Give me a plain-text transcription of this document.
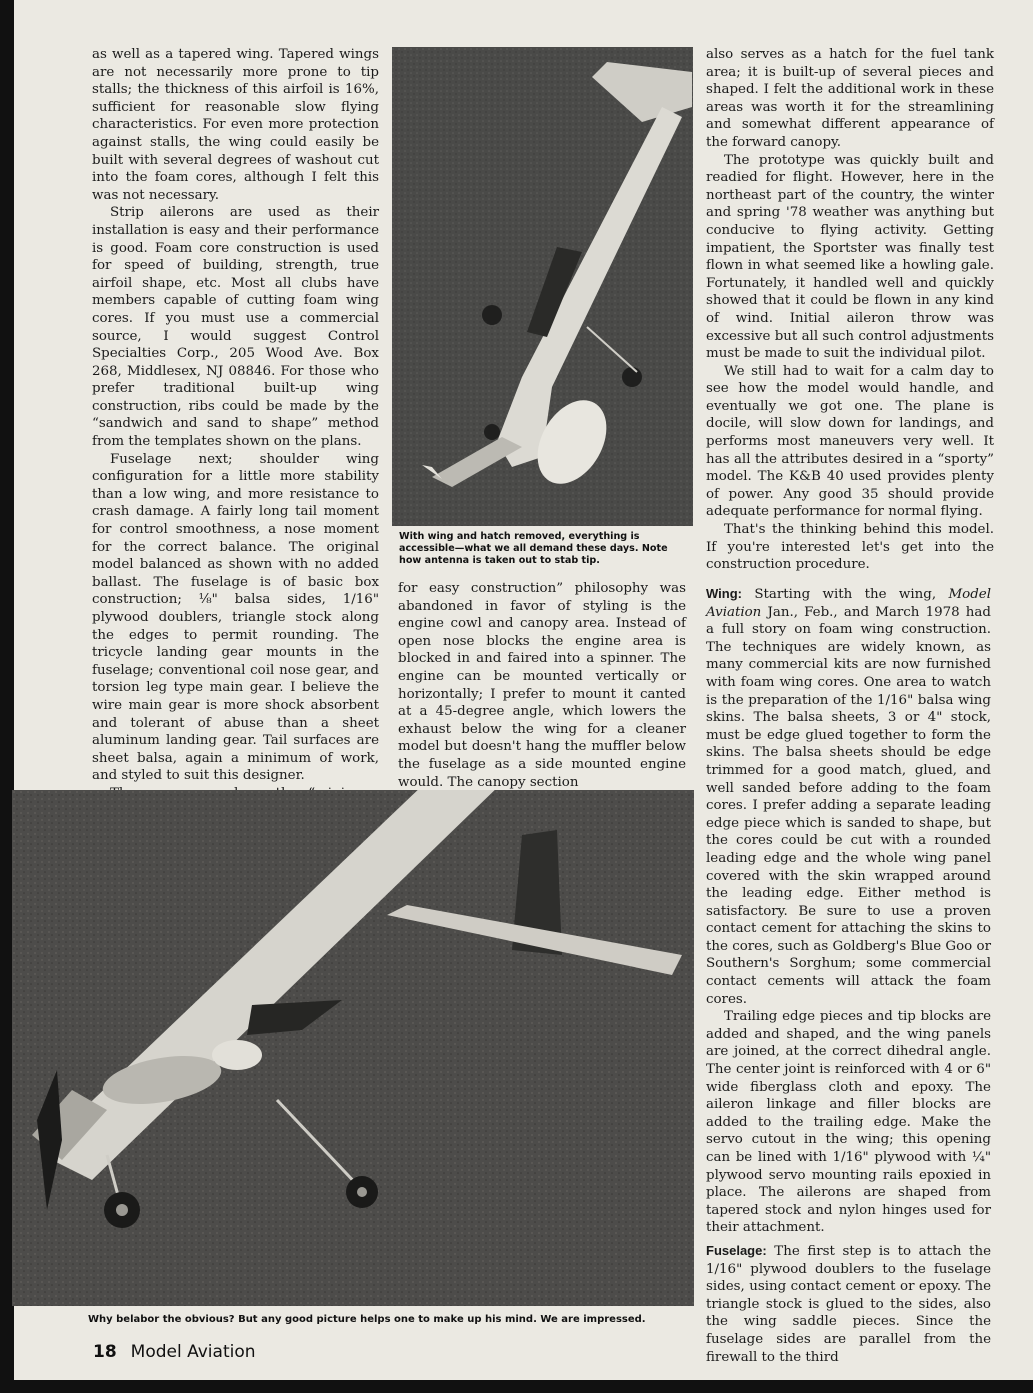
as well as a tapered wing. Tapered wings are not necessarily more prone to tip stalls; the thickness of this airfoil is 16%, sufficient for reasonable slow flying characteristics. For even more protection against stalls, the wing could easily be built with several degrees of washout cut into the foam cores, although I felt this was not necessary.

Strip ailerons are used as their installation is easy and their performance is good. Foam core construction is used for speed of building, strength, true airfoil shape, etc. Most all clubs have members capable of cutting foam wing cores. If you must use a commercial source, I would suggest Control Specialties Corp., 205 Wood Ave. Box 268, Middlesex, NJ 08846. For those who prefer traditional built-up wing construction, ribs could be made by the “sandwich and sand to shape” method from the templates shown on the plans.

Fuselage next; shoulder wing configuration for a little more stability than a low wing, and more resistance to crash damage. A fairly long tail moment for control smoothness, a nose moment for the correct balance. The original model balanced as shown with no added ballast. The fuselage is of basic box construction; ⅛" balsa sides, 1/16" plywood doublers, triangle stock along the edges to permit rounding. The tricycle landing gear mounts in the fuselage; conventional coil nose gear, and torsion leg type main gear. I believe the wire main gear is more shock absorbent and tolerant of abuse than a sheet aluminum landing gear. Tail surfaces are sheet balsa, again a minimum of work, and styled to suit this designer.

With wing and hatch removed, everything is accessible—what we all demand these days. Note how antenna is taken out to stab tip.

for easy construction” philosophy was abandoned in favor of styling is the engine cowl and canopy area. Instead of open nose blocks the engine area is blocked in and faired into a spinner. The engine can be mounted vertically or horizontally; I prefer to mount it canted at a 45-degree angle, which lowers the exhaust below the wing for a cleaner model but doesn't hang the muffler below the fuselage as a side mounted engine would. The canopy section

also serves as a hatch for the fuel tank area; it is built-up of several pieces and shaped. I felt the additional work in these areas was worth it for the streamlining and somewhat different appearance of the forward canopy.

The prototype was quickly built and readied for flight. However, here in the northeast part of the country, the winter and spring '78 weather was anything but conducive to flying activity. Getting impatient, the Sportster was finally test flown in what seemed like a howling gale. Fortunately, it handled well and quickly showed that it could be flown in any kind of wind. Initial aileron throw was excessive but all such control adjustments must be made to suit the individual pilot.

We still had to wait for a calm day to see how the model would handle, and eventually we got one. The plane is docile, will slow down for landings, and performs most maneuvers very well. It has all the attributes desired in a “sporty” model. The K&B 40 used provides plenty of power. Any good 35 should provide adequate performance for normal flying.

That's the thinking behind this model. If you're interested let's get into the construction procedure.

Why belabor the obvious? But any good picture helps one to make up his mind. We are impressed.

Wing: Starting with the wing, Model Aviation Jan., Feb., and March 1978 had a full story on foam wing construction. The techniques are widely known, as many commercial kits are now furnished with foam wing cores. One area to watch is the preparation of the 1/16" balsa wing skins. The balsa sheets, 3 or 4" stock, must be edge glued together to form the skins. The balsa sheets should be edge trimmed for a good match, glued, and well sanded before adding to the foam cores. I prefer adding a separate leading edge piece which is sanded to shape, but the cores could be cut with a rounded leading edge and the whole wing panel covered with the skin wrapped around the leading edge. Either method is satisfactory. Be sure to use a proven contact cement for attaching the skins to the cores, such as Goldberg's Blue Goo or Southern's Sorghum; some commercial contact cements will attack the foam cores.

Trailing edge pieces and tip blocks are added and shaped, and the wing panels are joined, at the correct dihedral angle. The center joint is reinforced with 4 or 6" wide fiberglass cloth and epoxy. The aileron linkage and filler blocks are added to the trailing edge. Make the servo cutout in the wing; this opening can be lined with 1/16" plywood with ¼" plywood servo mounting rails epoxied in place. The ailerons are shaped from tapered stock and nylon hinges used for their attachment.

Fuselage: The first step is to attach the 1/16" plywood doublers to the fuselage sides, using contact cement or epoxy. The triangle stock is glued to the sides, also the wing saddle pieces. Since the fuselage sides are parallel from the firewall to the third

18 Model Aviation
